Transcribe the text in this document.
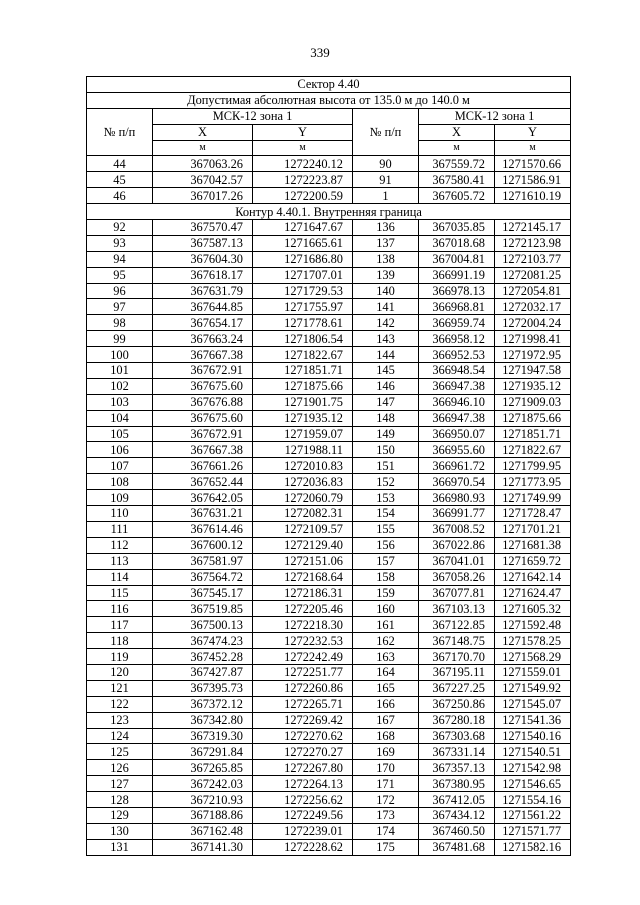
339
Сектор 4.40					
Допустимая абсолютная высота от 135.0 м до 140.0 м					
№ п/п	МСК-12 зона 1		№ п/п	МСК-12 зона 1	
	X	Y		X	Y
	м	м		м	м
44	367063.26	1272240.12	90	367559.72	1271570.66
45	367042.57	1272223.87	91	367580.41	1271586.91
46	367017.26	1272200.59	1	367605.72	1271610.19
Контур 4.40.1. Внутренняя граница					
92	367570.47	1271647.67	136	367035.85	1272145.17
93	367587.13	1271665.61	137	367018.68	1272123.98
94	367604.30	1271686.80	138	367004.81	1272103.77
95	367618.17	1271707.01	139	366991.19	1272081.25
96	367631.79	1271729.53	140	366978.13	1272054.81
97	367644.85	1271755.97	141	366968.81	1272032.17
98	367654.17	1271778.61	142	366959.74	1272004.24
99	367663.24	1271806.54	143	366958.12	1271998.41
100	367667.38	1271822.67	144	366952.53	1271972.95
101	367672.91	1271851.71	145	366948.54	1271947.58
102	367675.60	1271875.66	146	366947.38	1271935.12
103	367676.88	1271901.75	147	366946.10	1271909.03
104	367675.60	1271935.12	148	366947.38	1271875.66
105	367672.91	1271959.07	149	366950.07	1271851.71
106	367667.38	1271988.11	150	366955.60	1271822.67
107	367661.26	1272010.83	151	366961.72	1271799.95
108	367652.44	1272036.83	152	366970.54	1271773.95
109	367642.05	1272060.79	153	366980.93	1271749.99
110	367631.21	1272082.31	154	366991.77	1271728.47
111	367614.46	1272109.57	155	367008.52	1271701.21
112	367600.12	1272129.40	156	367022.86	1271681.38
113	367581.97	1272151.06	157	367041.01	1271659.72
114	367564.72	1272168.64	158	367058.26	1271642.14
115	367545.17	1272186.31	159	367077.81	1271624.47
116	367519.85	1272205.46	160	367103.13	1271605.32
117	367500.13	1272218.30	161	367122.85	1271592.48
118	367474.23	1272232.53	162	367148.75	1271578.25
119	367452.28	1272242.49	163	367170.70	1271568.29
120	367427.87	1272251.77	164	367195.11	1271559.01
121	367395.73	1272260.86	165	367227.25	1271549.92
122	367372.12	1272265.71	166	367250.86	1271545.07
123	367342.80	1272269.42	167	367280.18	1271541.36
124	367319.30	1272270.62	168	367303.68	1271540.16
125	367291.84	1272270.27	169	367331.14	1271540.51
126	367265.85	1272267.80	170	367357.13	1271542.98
127	367242.03	1272264.13	171	367380.95	1271546.65
128	367210.93	1272256.62	172	367412.05	1271554.16
129	367188.86	1272249.56	173	367434.12	1271561.22
130	367162.48	1272239.01	174	367460.50	1271571.77
131	367141.30	1272228.62	175	367481.68	1271582.16
